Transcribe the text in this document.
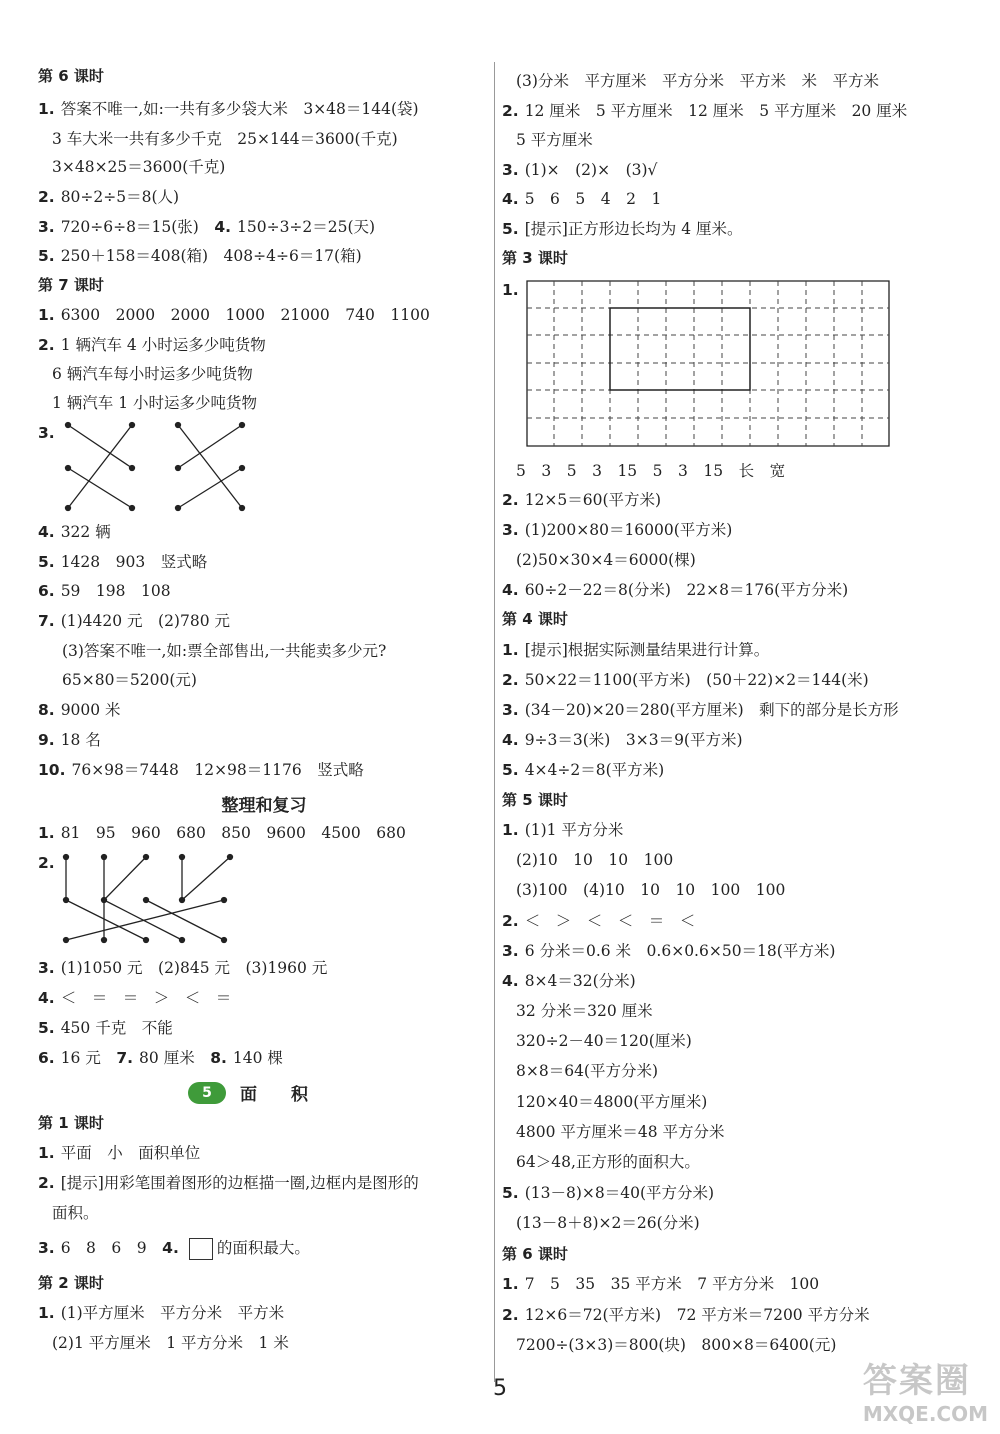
第 6 课时
1. 答案不唯一,如:一共有多少袋大米　3×48＝144(袋)
3 车大米一共有多少千克　25×144＝3600(千克)
3×48×25＝3600(千克)
2. 80÷2÷5＝8(人)
3. 720÷6÷8＝15(张)　 4. 150÷3÷2＝25(天)
5. 250＋158＝408(箱)　408÷4÷6＝17(箱)
第 7 课时
1. 6300　2000　2000　1000　21000　740　1100
2. 1 辆汽车 4 小时运多少吨货物
6 辆汽车每小时运多少吨货物
1 辆汽车 1 小时运多少吨货物
3.
4. 322 辆
5. 1428　903　竖式略
6. 59　198　108
7. (1)4420 元　(2)780 元
(3)答案不唯一,如:票全部售出,一共能卖多少元?
65×80＝5200(元)
8. 9000 米
9. 18 名
10. 76×98＝7448　12×98＝1176　竖式略
整理和复习
1. 81　95　960　680　850　9600　4500　680
2.
3. (1)1050 元　(2)845 元　(3)1960 元
4. ＜　＝　＝　＞　＜　＝
5. 450 千克　不能
6. 16 元　 7. 80 厘米　 8. 140 棵
5	面积
第 1 课时
1. 平面　小　面积单位
2. [提示]用彩笔围着图形的边框描一圈,边框内是图形的
面积。
3. 6　8　6　9　 4. 的面积最大。
第 2 课时
1. (1)平方厘米　平方分米　平方米
(2)1 平方厘米　1 平方分米　1 米
(3)分米　平方厘米　平方分米　平方米　米　平方米
2. 12 厘米　5 平方厘米　12 厘米　5 平方厘米　20 厘米
5 平方厘米
3. (1)×　(2)×　(3)√
4. 5　6　5　4　2　1
5. [提示]正方形边长均为 4 厘米。
第 3 课时
1.
5　3　5　3　15　5　3　15　长　宽
2. 12×5＝60(平方米)
3. (1)200×80＝16000(平方米)
(2)50×30×4＝6000(棵)
4. 60÷2－22＝8(分米)　22×8＝176(平方分米)
第 4 课时
1. [提示]根据实际测量结果进行计算。
2. 50×22＝1100(平方米)　(50＋22)×2＝144(米)
3. (34－20)×20＝280(平方厘米)　剩下的部分是长方形
4. 9÷3＝3(米)　3×3＝9(平方米)
5. 4×4÷2＝8(平方米)
第 5 课时
1. (1)1 平方分米
(2)10　10　10　100
(3)100　(4)10　10　10　100　100
2. ＜　＞　＜　＜　＝　＜
3. 6 分米＝0.6 米　0.6×0.6×50＝18(平方米)
4. 8×4＝32(分米)
32 分米＝320 厘米
320÷2－40＝120(厘米)
8×8＝64(平方分米)
120×40＝4800(平方厘米)
4800 平方厘米＝48 平方分米
64＞48,正方形的面积大。
5. (13－8)×8＝40(平方分米)
(13－8＋8)×2＝26(分米)
第 6 课时
1. 7　5　35　35 平方米　7 平方分米　100
2. 12×6＝72(平方米)　72 平方米＝7200 平方分米
7200÷(3×3)＝800(块)　800×8＝6400(元)
5	答案圈
MXQE.COM
